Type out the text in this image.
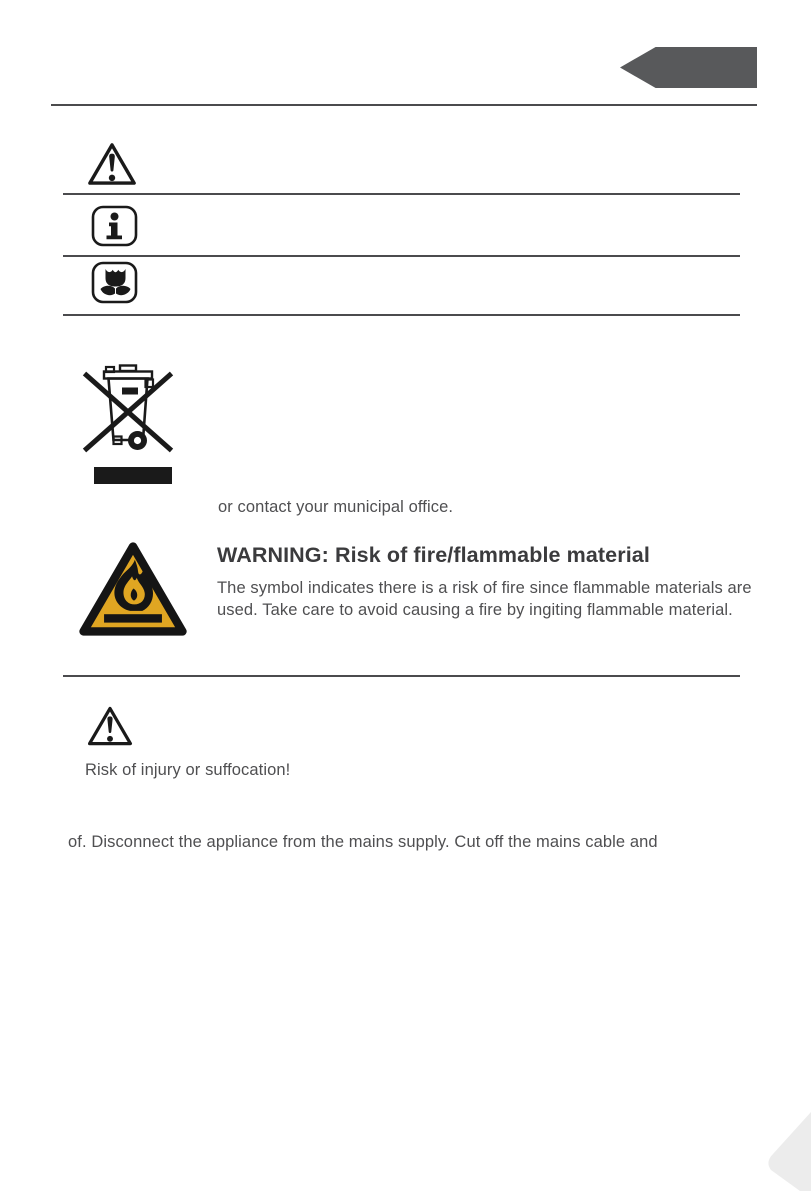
or contact your municipal office.
WARNING: Risk of fire/flammable material
The symbol indicates there is a risk of fire since flammable materials are used. Take care to avoid causing a fire by ingiting flammable material.
Risk of injury or suffocation!
of. Disconnect the appliance from the mains supply. Cut off the mains cable and
